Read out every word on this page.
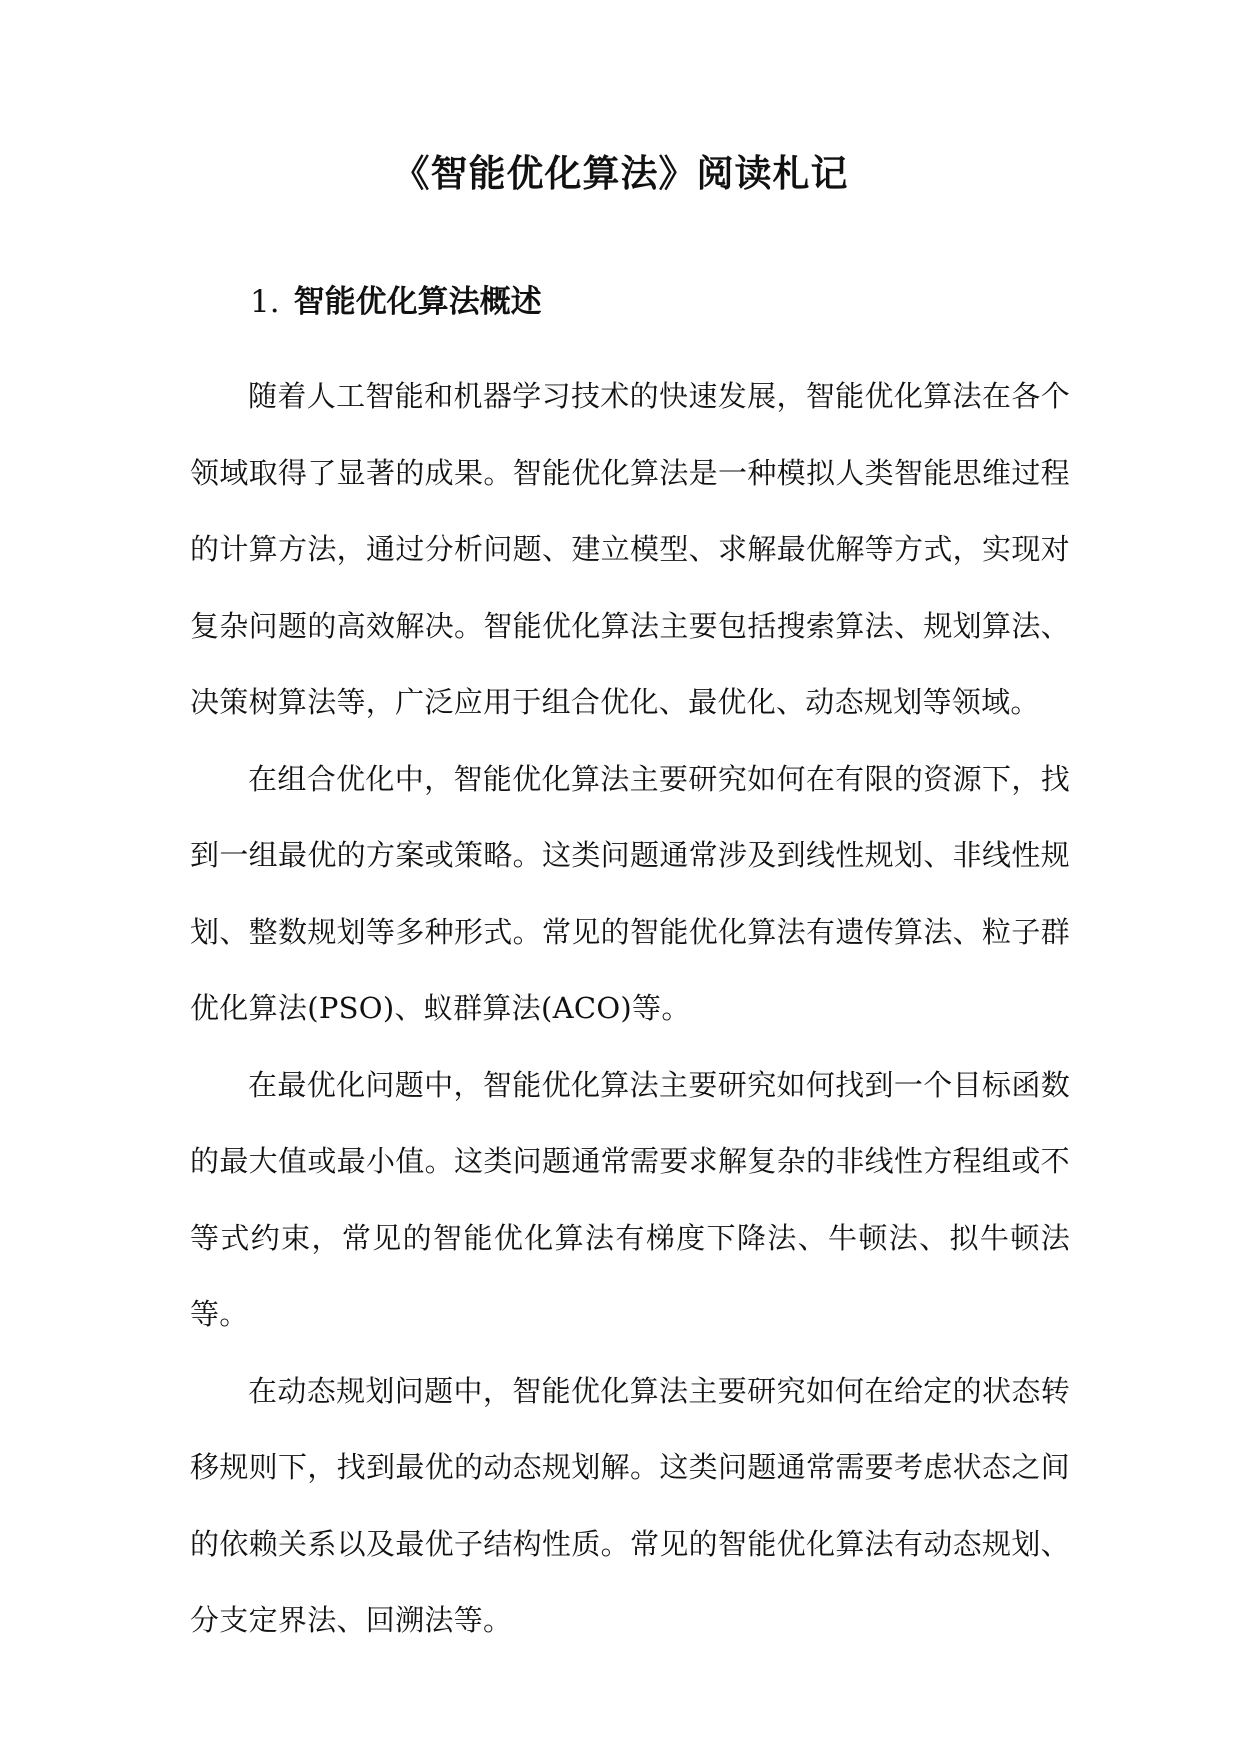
《智能优化算法》阅读札记
1. 智能优化算法概述

随着人工智能和机器学习技术的快速发展，智能优化算法在各个领域取得了显著的成果。智能优化算法是一种模拟人类智能思维过程的计算方法，通过分析问题、建立模型、求解最优解等方式，实现对复杂问题的高效解决。智能优化算法主要包括搜索算法、规划算法、决策树算法等，广泛应用于组合优化、最优化、动态规划等领域。

在组合优化中，智能优化算法主要研究如何在有限的资源下，找到一组最优的方案或策略。这类问题通常涉及到线性规划、非线性规划、整数规划等多种形式。常见的智能优化算法有遗传算法、粒子群优化算法(PSO)、蚁群算法(ACO)等。

在最优化问题中，智能优化算法主要研究如何找到一个目标函数的最大值或最小值。这类问题通常需要求解复杂的非线性方程组或不等式约束，常见的智能优化算法有梯度下降法、牛顿法、拟牛顿法等。

在动态规划问题中，智能优化算法主要研究如何在给定的状态转移规则下，找到最优的动态规划解。这类问题通常需要考虑状态之间的依赖关系以及最优子结构性质。常见的智能优化算法有动态规划、分支定界法、回溯法等。
